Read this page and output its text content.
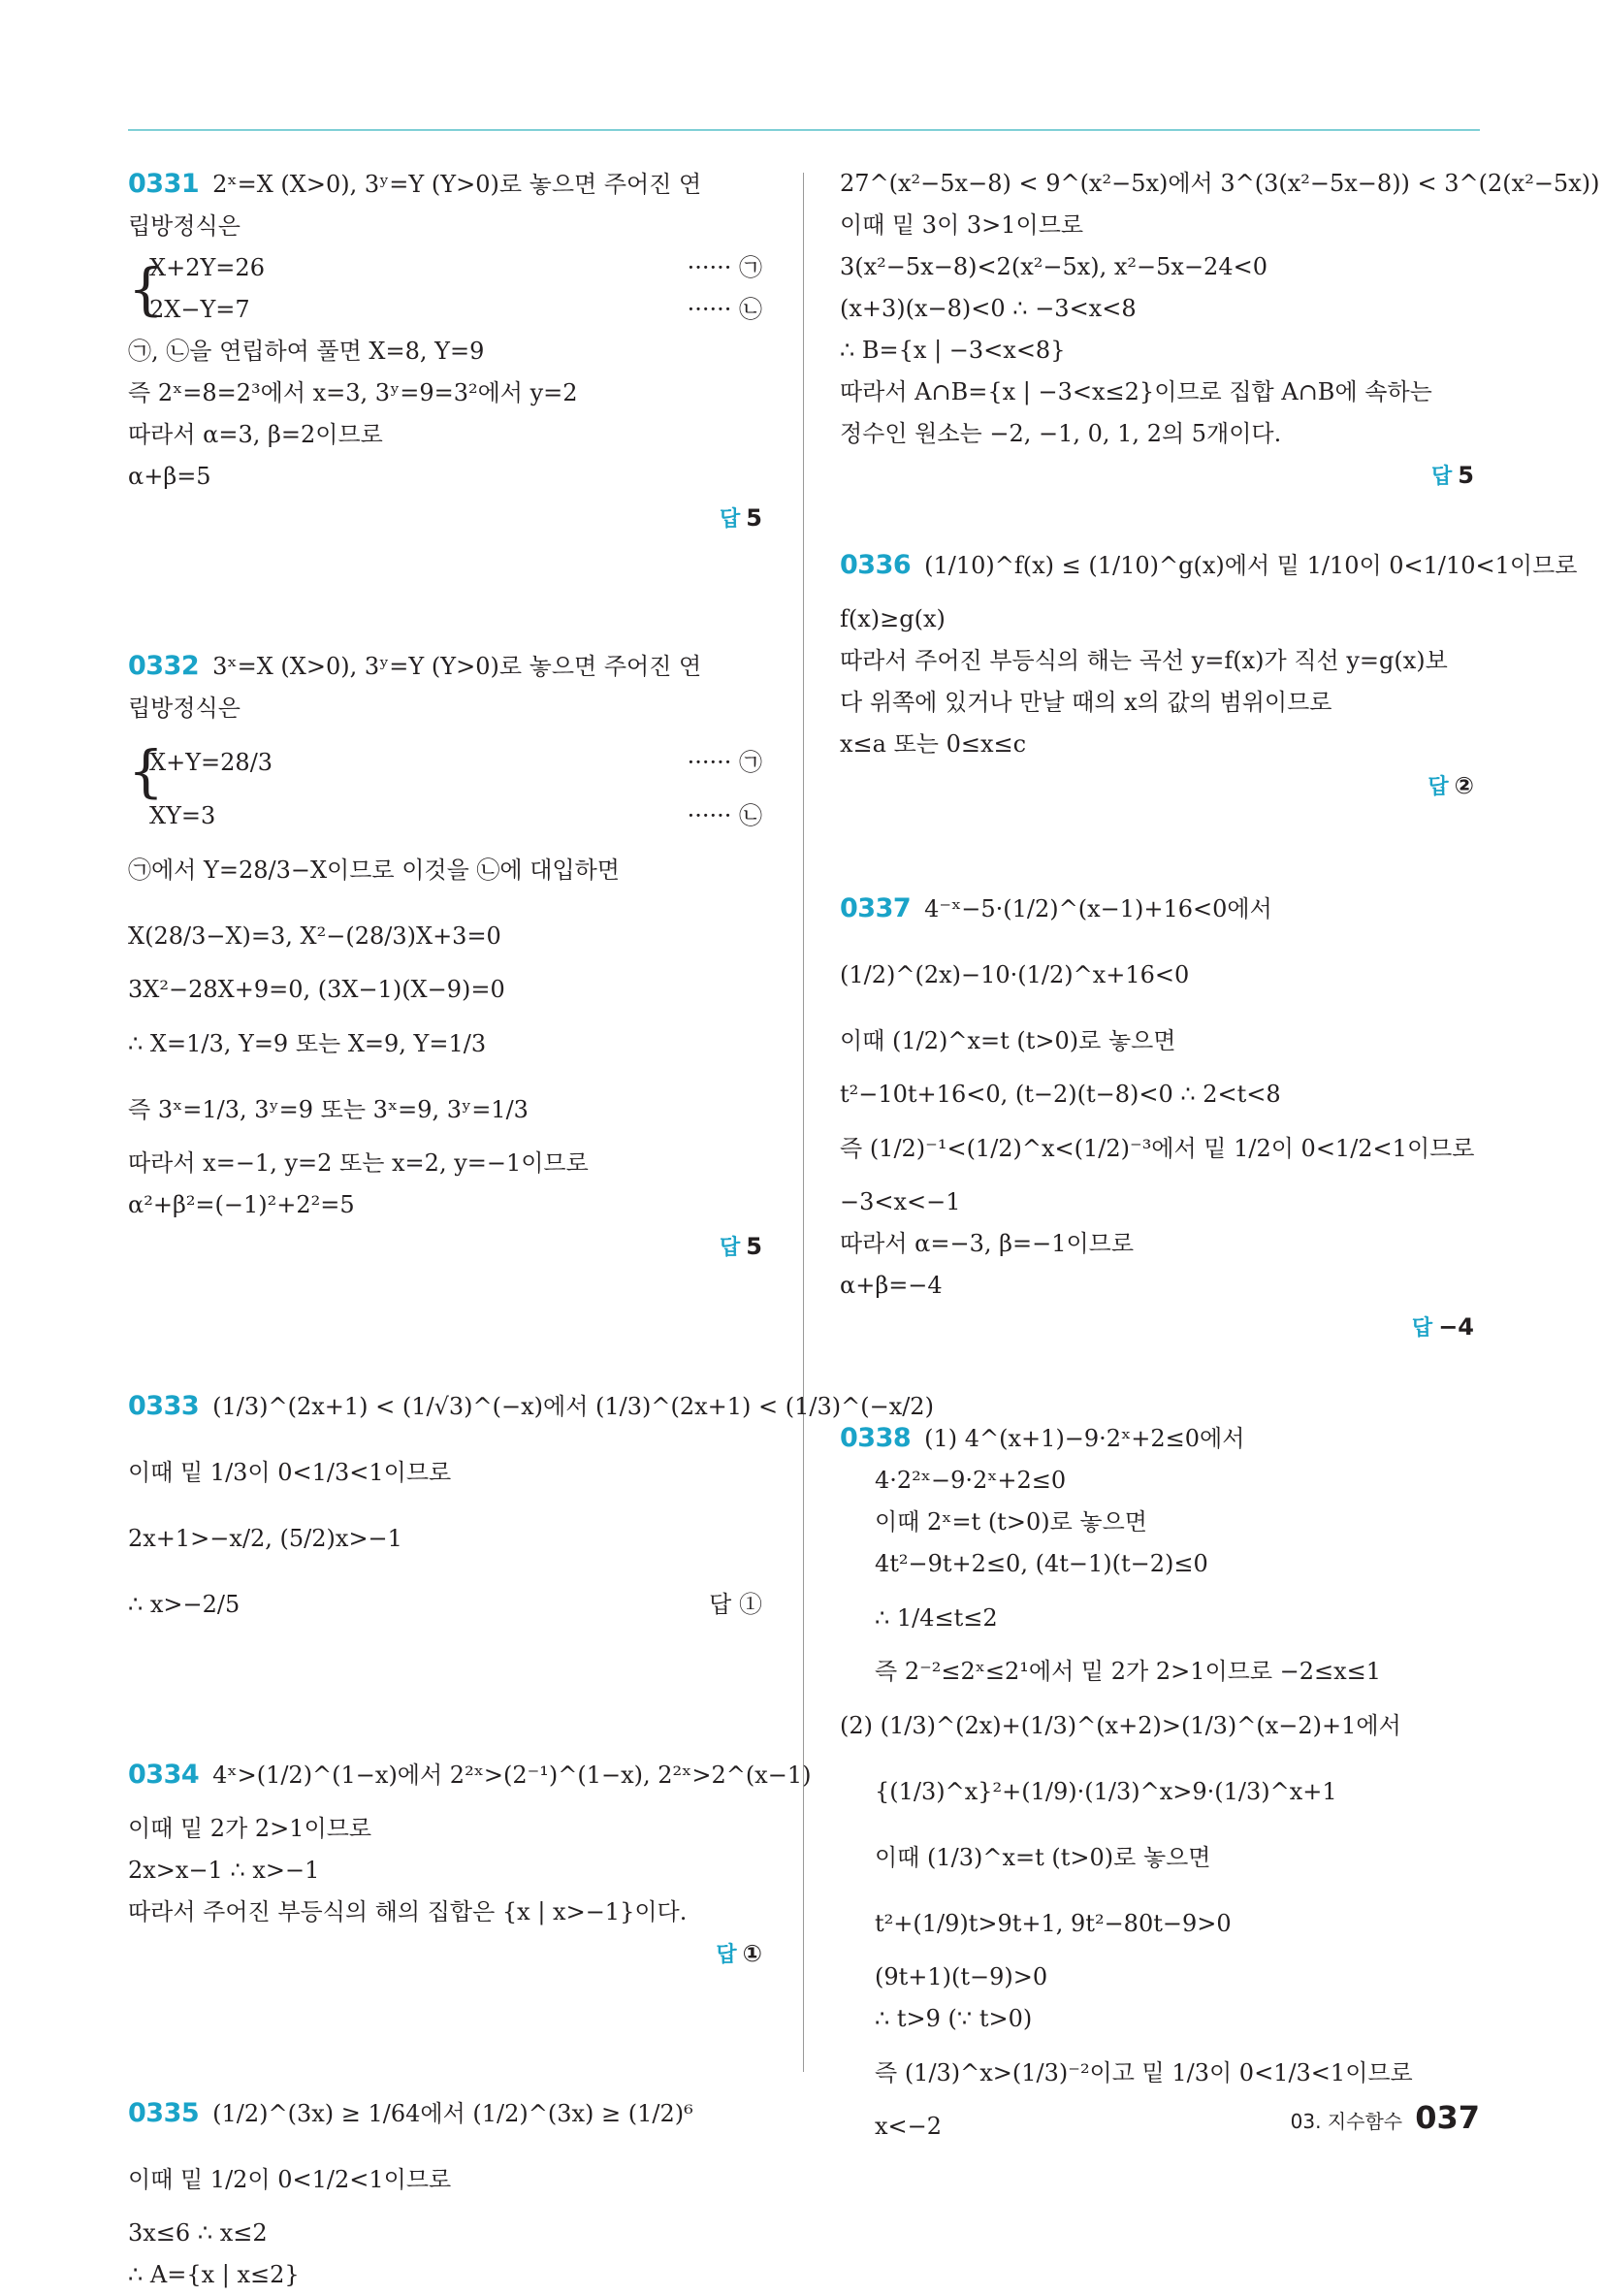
0331 2ˣ=X (X>0), 3ʸ=Y (Y>0)로 놓으면 주어진 연
립방정식은
X+2Y=26	······ ㉠
{
2X−Y=7	······ ㉡
㉠, ㉡을 연립하여 풀면 X=8, Y=9
즉 2ˣ=8=2³에서 x=3, 3ʸ=9=3²에서 y=2
따라서 α=3, β=2이므로
α+β=5
답 5
0332 3ˣ=X (X>0), 3ʸ=Y (Y>0)로 놓으면 주어진 연
립방정식은
X+Y=28/3	······ ㉠
{
XY=3	······ ㉡
㉠에서 Y=28/3−X이므로 이것을 ㉡에 대입하면
X(28/3−X)=3, X²−(28/3)X+3=0
3X²−28X+9=0, (3X−1)(X−9)=0
∴ X=1/3, Y=9 또는 X=9, Y=1/3
즉 3ˣ=1/3, 3ʸ=9 또는 3ˣ=9, 3ʸ=1/3
따라서 x=−1, y=2 또는 x=2, y=−1이므로
α²+β²=(−1)²+2²=5
답 5
0333 (1/3)^(2x+1) < (1/√3)^(−x)에서 (1/3)^(2x+1) < (1/3)^(−x/2)
이때 밑 1/3이 0<1/3<1이므로
2x+1>−x/2, (5/2)x>−1
∴ x>−2/5	답 ①
0334 4ˣ>(1/2)^(1−x)에서 2²ˣ>(2⁻¹)^(1−x), 2²ˣ>2^(x−1)
이때 밑 2가 2>1이므로
2x>x−1 ∴ x>−1
따라서 주어진 부등식의 해의 집합은 {x | x>−1}이다.
답 ①
0335 (1/2)^(3x) ≥ 1/64에서 (1/2)^(3x) ≥ (1/2)⁶
이때 밑 1/2이 0<1/2<1이므로
3x≤6 ∴ x≤2
∴ A={x | x≤2}
27^(x²−5x−8) < 9^(x²−5x)에서 3^(3(x²−5x−8)) < 3^(2(x²−5x))
이때 밑 3이 3>1이므로
3(x²−5x−8)<2(x²−5x), x²−5x−24<0
(x+3)(x−8)<0 ∴ −3<x<8
∴ B={x | −3<x<8}
따라서 A∩B={x | −3<x≤2}이므로 집합 A∩B에 속하는
정수인 원소는 −2, −1, 0, 1, 2의 5개이다.
답 5
0336 (1/10)^f(x) ≤ (1/10)^g(x)에서 밑 1/10이 0<1/10<1이므로
f(x)≥g(x)
따라서 주어진 부등식의 해는 곡선 y=f(x)가 직선 y=g(x)보
다 위쪽에 있거나 만날 때의 x의 값의 범위이므로
x≤a 또는 0≤x≤c
답 ②
0337 4⁻ˣ−5·(1/2)^(x−1)+16<0에서
(1/2)^(2x)−10·(1/2)^x+16<0
이때 (1/2)^x=t (t>0)로 놓으면
t²−10t+16<0, (t−2)(t−8)<0 ∴ 2<t<8
즉 (1/2)⁻¹<(1/2)^x<(1/2)⁻³에서 밑 1/2이 0<1/2<1이므로
−3<x<−1
따라서 α=−3, β=−1이므로
α+β=−4
답 −4
0338 (1) 4^(x+1)−9·2ˣ+2≤0에서
4·2²ˣ−9·2ˣ+2≤0
이때 2ˣ=t (t>0)로 놓으면
4t²−9t+2≤0, (4t−1)(t−2)≤0
∴ 1/4≤t≤2
즉 2⁻²≤2ˣ≤2¹에서 밑 2가 2>1이므로 −2≤x≤1
(2) (1/3)^(2x)+(1/3)^(x+2)>(1/3)^(x−2)+1에서
{(1/3)^x}²+(1/9)·(1/3)^x>9·(1/3)^x+1
이때 (1/3)^x=t (t>0)로 놓으면
t²+(1/9)t>9t+1, 9t²−80t−9>0
(9t+1)(t−9)>0
∴ t>9 (∵ t>0)
즉 (1/3)^x>(1/3)⁻²이고 밑 1/3이 0<1/3<1이므로
x<−2	03. 지수함수 037
